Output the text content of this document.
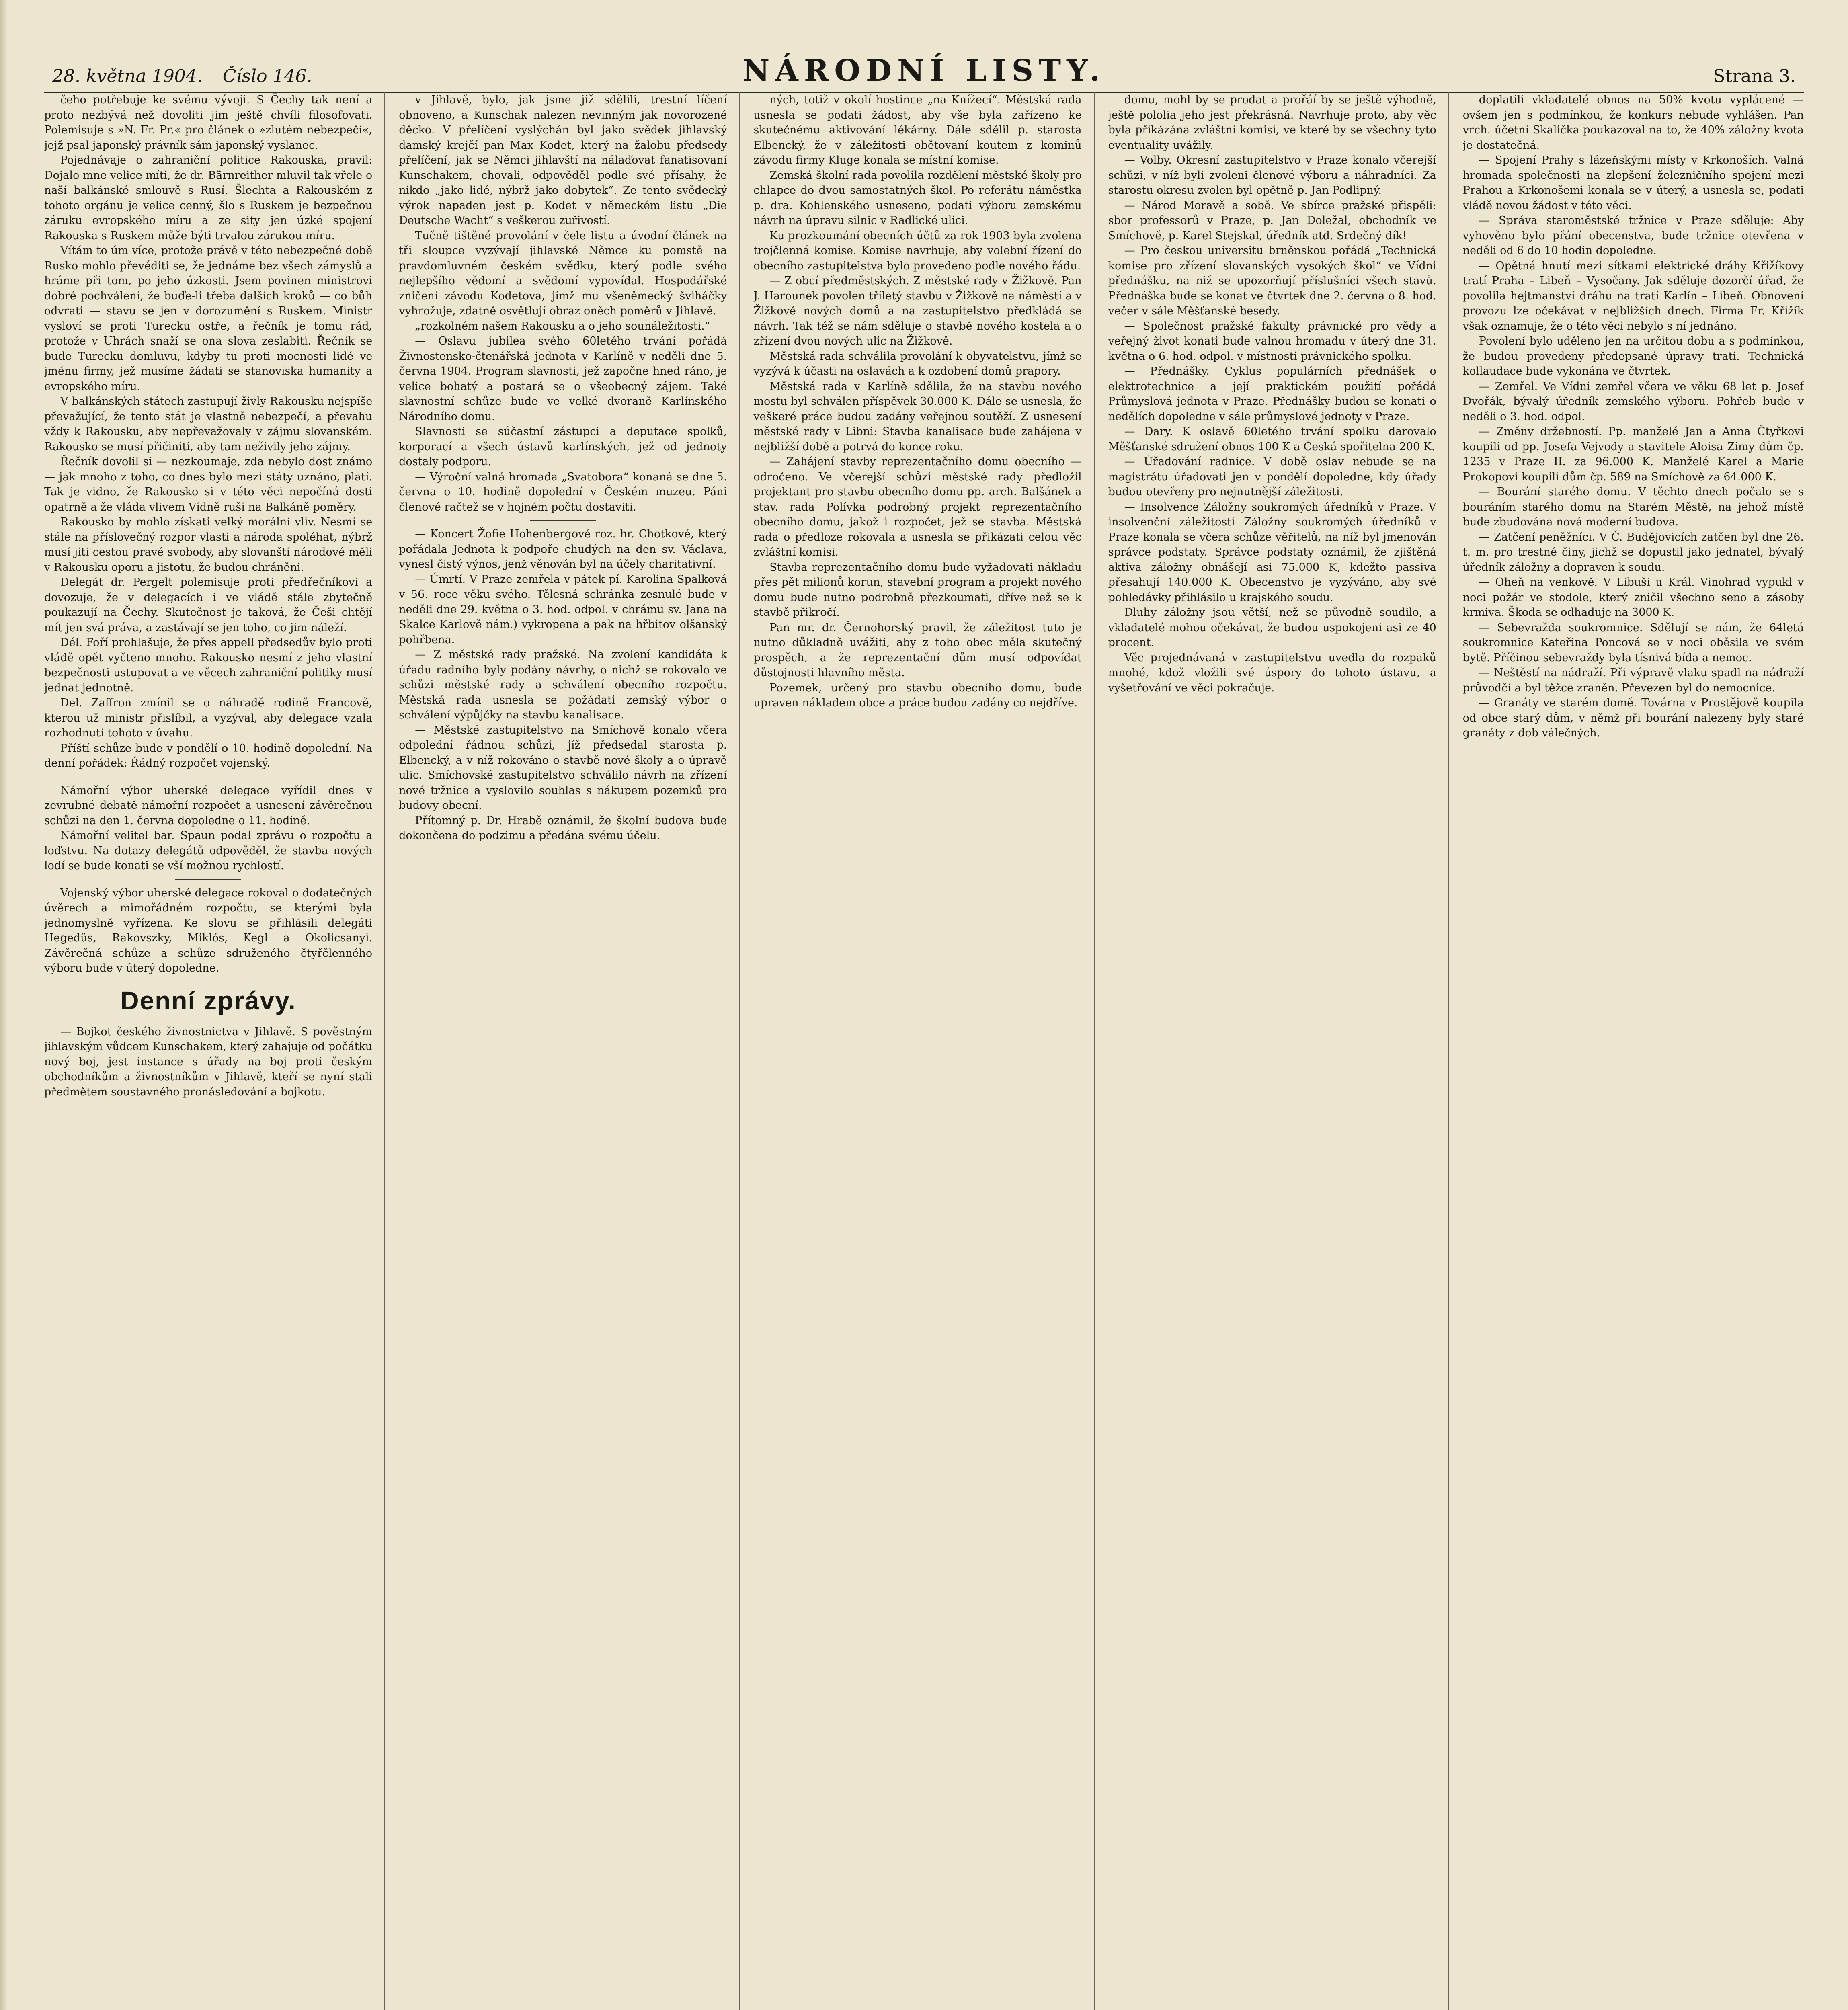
28. května 1904. Číslo 146.	NÁRODNÍ LISTY.	Strana 3.

čeho potřebuje ke svému vývoji. S Čechy tak není a proto nezbývá než dovoliti jim ještě chvíli filosofovati. Polemisuje s »N. Fr. Pr.« pro článek o »zlutém nebezpečí«, jejž psal japonský právník sám japonský vyslanec.

Pojednávaje o zahraniční politice Rakouska, pravil: Dojalo mne velice míti, že dr. Bärnreither mluvil tak vřele o naší balkánské smlouvě s Rusí. Šlechta a Rakouském z tohoto orgánu je velice cenný, šlo s Ruskem je bezpečnou záruku evropského míru a ze sity jen úzké spojení Rakouska s Ruskem může býti trvalou zárukou míru.

Vítám to úm více, protože právě v této nebezpečné době Rusko mohlo převéditi se, že jednáme bez všech zámyslů a hráme při tom, po jeho úzkosti. Jsem povinen ministrovi dobré pochválení, že buďe-li třeba dalších kroků — co bůh odvrati — stavu se jen v dorozumění s Ruskem. Ministr vysloví se proti Turecku ostře, a řečník je tomu rád, protože v Uhrách snaží se ona slova zeslabiti. Řečník se bude Turecku domluvu, kdyby tu proti mocnosti lidé ve jménu firmy, jež musíme žádati se stanoviska humanity a evropského míru.

V balkánských státech zastupují živly Rakousku nejspíše převažující, že tento stát je vlastně nebezpečí, a převahu vždy k Rakousku, aby nepřevažovaly v zájmu slovanském. Rakousko se musí přičiniti, aby tam neživily jeho zájmy.

Řečník dovolil si — nezkoumaje, zda nebylo dost známo — jak mnoho z toho, co dnes bylo mezi státy uznáno, platí. Tak je vidno, že Rakousko si v této věci nepočíná dosti opatrně a že vláda vlivem Vídně ruší na Balkáně poměry.

Rakousko by mohlo získati velký morální vliv. Nesmí se stále na příslovečný rozpor vlasti a národa spoléhat, nýbrž musí jiti cestou pravé svobody, aby slovanští národové měli v Rakousku oporu a jistotu, že budou chráněni.

Delegát dr. Pergelt polemisuje proti předřečníkovi a dovozuje, že v delegacích i ve vládě stále zbytečně poukazují na Čechy. Skutečnost je taková, že Češi chtějí mít jen svá práva, a zastávají se jen toho, co jim náleží.

Dél. Foří prohlašuje, že přes appell předsedův bylo proti vládě opět vyčteno mnoho. Rakousko nesmí z jeho vlastní bezpečnosti ustupovat a ve věcech zahraniční politiky musí jednat jednotně.

Del. Zaffron zmínil se o náhradě rodině Francově, kterou už ministr přislíbil, a vyzýval, aby delegace vzala rozhodnutí tohoto v úvahu.

Příští schůze bude v pondělí o 10. hodině dopolední. Na denní pořádek: Řádný rozpočet vojenský.

Námořní výbor uherské delegace vyřídil dnes v zevrubné debatě námořní rozpočet a usnesení závěrečnou schůzi na den 1. června dopoledne o 11. hodině.

Námořní velitel bar. Spaun podal zprávu o rozpočtu a loďstvu. Na dotazy delegátů odpověděl, že stavba nových lodí se bude konati se vší možnou rychlostí.

Vojenský výbor uherské delegace rokoval o dodatečných úvěrech a mimořádném rozpočtu, se kterými byla jednomyslně vyřízena. Ke slovu se přihlásili delegáti Hegedüs, Rakovszky, Miklós, Kegl a Okolicsanyi. Závěrečná schůze a schůze sdruženého čtyřčlenného výboru bude v úterý dopoledne.

Denní zprávy.

— Bojkot českého živnostnictva v Jihlavě. S pověstným jihlavským vůdcem Kunschakem, který zahajuje od počátku nový boj, jest instance s úřady na boj proti českým obchodníkům a živnostníkům v Jihlavě, kteří se nyní stali předmětem soustavného pronásledování a bojkotu.

v Jihlavě, bylo, jak jsme již sdělili, trestní líčení obnoveno, a Kunschak nalezen nevinným jak novorozené děcko. V přelíčení vyslýchán byl jako svědek jihlavský damský krejčí pan Max Kodet, který na žalobu předsedy přelíčení, jak se Němci jihlavští na nálaďovat fanatisovaní Kunschakem, chovali, odpověděl podle své přísahy, že nikdo „jako lidé, nýbrž jako dobytek“. Ze tento svědecký výrok napaden jest p. Kodet v německém listu „Die Deutsche Wacht“ s veškerou zuřivostí.

Tučně tištěné provolání v čele listu a úvodní článek na tři sloupce vyzývají jihlavské Němce ku pomstě na pravdomluvném českém svědku, který podle svého nejlepšího vědomí a svědomí vypovídal. Hospodářské zničení závodu Kodetova, jímž mu všeněmecký šviháčky vyhrožuje, zdatně osvětlují obraz oněch poměrů v Jihlavě.

„rozkolném našem Rakousku a o jeho sounáležitosti.“

— Oslavu jubilea svého 60letého trvání pořádá Živnostensko-čtenářská jednota v Karlíně v neděli dne 5. června 1904. Program slavnosti, jež započne hned ráno, je velice bohatý a postará se o všeobecný zájem. Také slavnostní schůze bude ve velké dvoraně Karlínského Národního domu.

Slavnosti se súčastní zástupci a deputace spolků, korporací a všech ústavů karlínských, jež od jednoty dostaly podporu.

— Výroční valná hromada „Svatobora“ konaná se dne 5. června o 10. hodině dopolední v Českém muzeu. Páni členové račtež se v hojném počtu dostaviti.

— Koncert Žofie Hohenbergové roz. hr. Chotkové, který pořádala Jednota k podpoře chudých na den sv. Václava, vynesl čistý výnos, jenž věnován byl na účely charitativní.

— Úmrtí. V Praze zemřela v pátek pí. Karolina Spalková v 56. roce věku svého. Tělesná schránka zesnulé bude v neděli dne 29. května o 3. hod. odpol. v chrámu sv. Jana na Skalce Karlově nám.) vykropena a pak na hřbitov olšanský pohřbena.

— Z městské rady pražské. Na zvolení kandidáta k úřadu radního byly podány návrhy, o nichž se rokovalo ve schůzi městské rady a schválení obecního rozpočtu. Městská rada usnesla se požádati zemský výbor o schválení výpůjčky na stavbu kanalisace.

— Městské zastupitelstvo na Smíchově konalo včera odpolední řádnou schůzi, jíž předsedal starosta p. Elbencký, a v níž rokováno o stavbě nové školy a o úpravě ulic. Smíchovské zastupitelstvo schválilo návrh na zřízení nové tržnice a vyslovilo souhlas s nákupem pozemků pro budovy obecní.

Přítomný p. Dr. Hrabě oznámil, že školní budova bude dokončena do podzimu a předána svému účelu.

ných, totiž v okolí hostince „na Knížecí“. Městská rada usnesla se podati žádost, aby vše byla zařízeno ke skutečnému aktivování lékárny. Dále sdělil p. starosta Elbencký, že v záležitosti obětovaní koutem z kominů závodu firmy Kluge konala se místní komise.

Zemská školní rada povolila rozdělení městské školy pro chlapce do dvou samostatných škol. Po referátu náměstka p. dra. Kohlenského usneseno, podati výboru zemskému návrh na úpravu silnic v Radlické ulici.

Ku prozkoumání obecních účtů za rok 1903 byla zvolena trojčlenná komise. Komise navrhuje, aby volební řízení do obecního zastupitelstva bylo provedeno podle nového řádu.

— Z obcí předměstských. Z městské rady v Žižkově. Pan J. Harounek povolen tříletý stavbu v Žižkově na náměstí a v Žižkově nových domů a na zastupitelstvo předkládá se návrh. Tak též se nám sděluje o stavbě nového kostela a o zřízení dvou nových ulic na Žižkově.

Městská rada schválila provolání k obyvatelstvu, jímž se vyzývá k účasti na oslavách a k ozdobení domů prapory.

Městská rada v Karlíně sdělila, že na stavbu nového mostu byl schválen příspěvek 30.000 K. Dále se usnesla, že veškeré práce budou zadány veřejnou soutěží. Z usnesení městské rady v Libni: Stavba kanalisace bude zahájena v nejbližší době a potrvá do konce roku.

— Zahájení stavby reprezentačního domu obecního — odročeno. Ve včerejší schůzi městské rady předložil projektant pro stavbu obecního domu pp. arch. Balšánek a stav. rada Polívka podrobný projekt reprezentačního obecního domu, jakož i rozpočet, jež se stavba. Městská rada o předloze rokovala a usnesla se přikázati celou věc zvláštní komisi.

Stavba reprezentačního domu bude vyžadovati nákladu přes pět milionů korun, stavební program a projekt nového domu bude nutno podrobně přezkoumati, dříve než se k stavbě přikročí.

Pan mr. dr. Černohorský pravil, že záležitost tuto je nutno důkladně uvážiti, aby z toho obec měla skutečný prospěch, a že reprezentační dům musí odpovídat důstojnosti hlavního města.

Pozemek, určený pro stavbu obecního domu, bude upraven nákladem obce a práce budou zadány co nejdříve.

domu, mohl by se prodat a prořáí by se ještě výhodně, ještě pololia jeho jest překrásná. Navrhuje proto, aby věc byla přikázána zvláštní komisi, ve které by se všechny tyto eventuality uvážily.

— Volby. Okresní zastupitelstvo v Praze konalo včerejší schůzi, v níž byli zvoleni členové výboru a náhradníci. Za starostu okresu zvolen byl opětně p. Jan Podlipný.

— Národ Moravě a sobě. Ve sbírce pražské přispěli: sbor professorů v Praze, p. Jan Doležal, obchodník ve Smíchově, p. Karel Stejskal, úředník atd. Srdečný dík!

— Pro českou universitu brněnskou pořádá „Technická komise pro zřízení slovanských vysokých škol“ ve Vídni přednášku, na niž se upozorňují příslušníci všech stavů. Přednáška bude se konat ve čtvrtek dne 2. června o 8. hod. večer v sále Měšťanské besedy.

— Společnost pražské fakulty právnické pro vědy a veřejný život konati bude valnou hromadu v úterý dne 31. května o 6. hod. odpol. v místnosti právnického spolku.

— Přednášky. Cyklus populárních přednášek o elektrotechnice a její praktickém použití pořádá Průmyslová jednota v Praze. Přednášky budou se konati o nedělích dopoledne v sále průmyslové jednoty v Praze.

— Dary. K oslavě 60letého trvání spolku darovalo Měšťanské sdružení obnos 100 K a Česká spořitelna 200 K.

— Úřadování radnice. V době oslav nebude se na magistrátu úřadovati jen v pondělí dopoledne, kdy úřady budou otevřeny pro nejnutnější záležitosti.

— Insolvence Záložny soukromých úředníků v Praze. V insolvenční záležitosti Záložny soukromých úředníků v Praze konala se včera schůze věřitelů, na níž byl jmenován správce podstaty. Správce podstaty oznámil, že zjištěná aktiva záložny obnášejí asi 75.000 K, kdežto passiva přesahují 140.000 K. Obecenstvo je vyzýváno, aby své pohledávky přihlásilo u krajského soudu.

Dluhy záložny jsou větší, než se původně soudilo, a vkladatelé mohou očekávat, že budou uspokojeni asi ze 40 procent.

Věc projednávaná v zastupitelstvu uvedla do rozpaků mnohé, kdož vložili své úspory do tohoto ústavu, a vyšetřování ve věci pokračuje.

doplatili vkladatelé obnos na 50% kvotu vyplácené — ovšem jen s podmínkou, že konkurs nebude vyhlášen. Pan vrch. účetní Skalička poukazoval na to, že 40% záložny kvota je dostatečná.

— Spojení Prahy s lázeňskými místy v Krkonoších. Valná hromada společnosti na zlepšení železničního spojení mezi Prahou a Krkonošemi konala se v úterý, a usnesla se, podati vládě novou žádost v této věci.

— Správa staroměstské tržnice v Praze sděluje: Aby vyhověno bylo přání obecenstva, bude tržnice otevřena v neděli od 6 do 10 hodin dopoledne.

— Opětná hnutí mezi sítkami elektrické dráhy Křižíkovy tratí Praha – Libeň – Vysočany. Jak sděluje dozorčí úřad, že povolila hejtmanství dráhu na tratí Karlín – Libeň. Obnovení provozu lze očekávat v nejbližších dnech. Firma Fr. Křižík však oznamuje, že o této věci nebylo s ní jednáno.

Povolení bylo uděleno jen na určitou dobu a s podmínkou, že budou provedeny předepsané úpravy trati. Technická kollaudace bude vykonána ve čtvrtek.

— Zemřel. Ve Vídni zemřel včera ve věku 68 let p. Josef Dvořák, bývalý úředník zemského výboru. Pohřeb bude v neděli o 3. hod. odpol.

— Změny držebností. Pp. manželé Jan a Anna Čtyřkovi koupili od pp. Josefa Vejvody a stavitele Aloisa Zimy dům čp. 1235 v Praze II. za 96.000 K. Manželé Karel a Marie Prokopovi koupili dům čp. 589 na Smíchově za 64.000 K.

— Bourání starého domu. V těchto dnech počalo se s bouráním starého domu na Starém Městě, na jehož místě bude zbudována nová moderní budova.

— Zatčení peněžníci. V Č. Budějovicích zatčen byl dne 26. t. m. pro trestné činy, jichž se dopustil jako jednatel, bývalý úředník záložny a dopraven k soudu.

— Oheň na venkově. V Libuši u Král. Vinohrad vypukl v noci požár ve stodole, který zničil všechno seno a zásoby krmiva. Škoda se odhaduje na 3000 K.

— Sebevražda soukromnice. Sdělují se nám, že 64letá soukromnice Kateřina Poncová se v noci oběsila ve svém bytě. Příčinou sebevraždy byla tísnivá bída a nemoc.

— Neštěstí na nádraží. Při výpravě vlaku spadl na nádraží průvodčí a byl těžce zraněn. Převezen byl do nemocnice.

— Granáty ve starém domě. Továrna v Prostějově koupila od obce starý dům, v němž při bourání nalezeny byly staré granáty z dob válečných.
